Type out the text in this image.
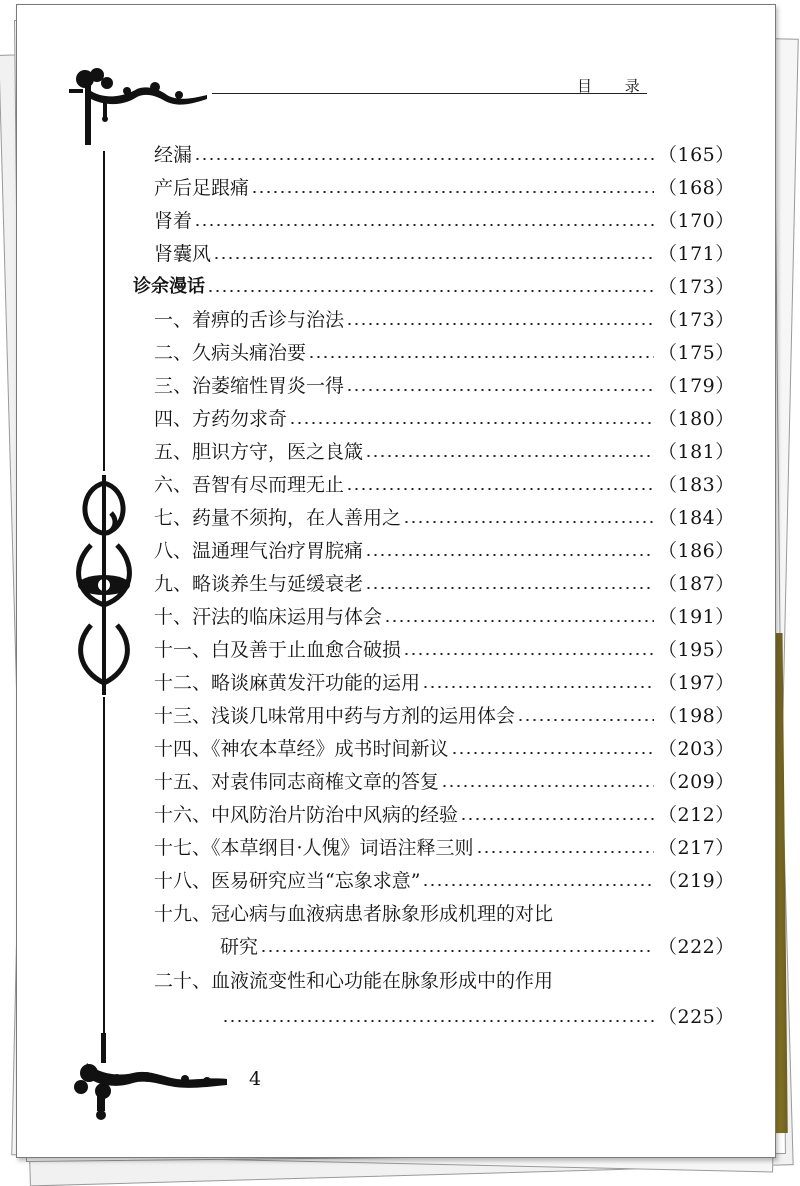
目 录
4
经漏	（165）
产后足跟痛	（168）
肾着	（170）
肾囊风	（171）
诊余漫话	（173）
一、着痹的舌诊与治法	（173）
二、久病头痛治要	（175）
三、治萎缩性胃炎一得	（179）
四、方药勿求奇	（180）
五、胆识方守，医之良箴	（181）
六、吾智有尽而理无止	（183）
七、药量不须拘，在人善用之	（184）
八、温通理气治疗胃脘痛	（186）
九、略谈养生与延缓衰老	（187）
十、汗法的临床运用与体会	（191）
十一、白及善于止血愈合破损	（195）
十二、略谈麻黄发汗功能的运用	（197）
十三、浅谈几味常用中药与方剂的运用体会	（198）
十四、《神农本草经》成书时间新议	（203）
十五、对袁伟同志商榷文章的答复	（209）
十六、中风防治片防治中风病的经验	（212）
十七、《本草纲目·人傀》词语注释三则	（217）
十八、医易研究应当“忘象求意”	（219）
十九、冠心病与血液病患者脉象形成机理的对比
研究	（222）
二十、血液流变性和心功能在脉象形成中的作用
（225）
